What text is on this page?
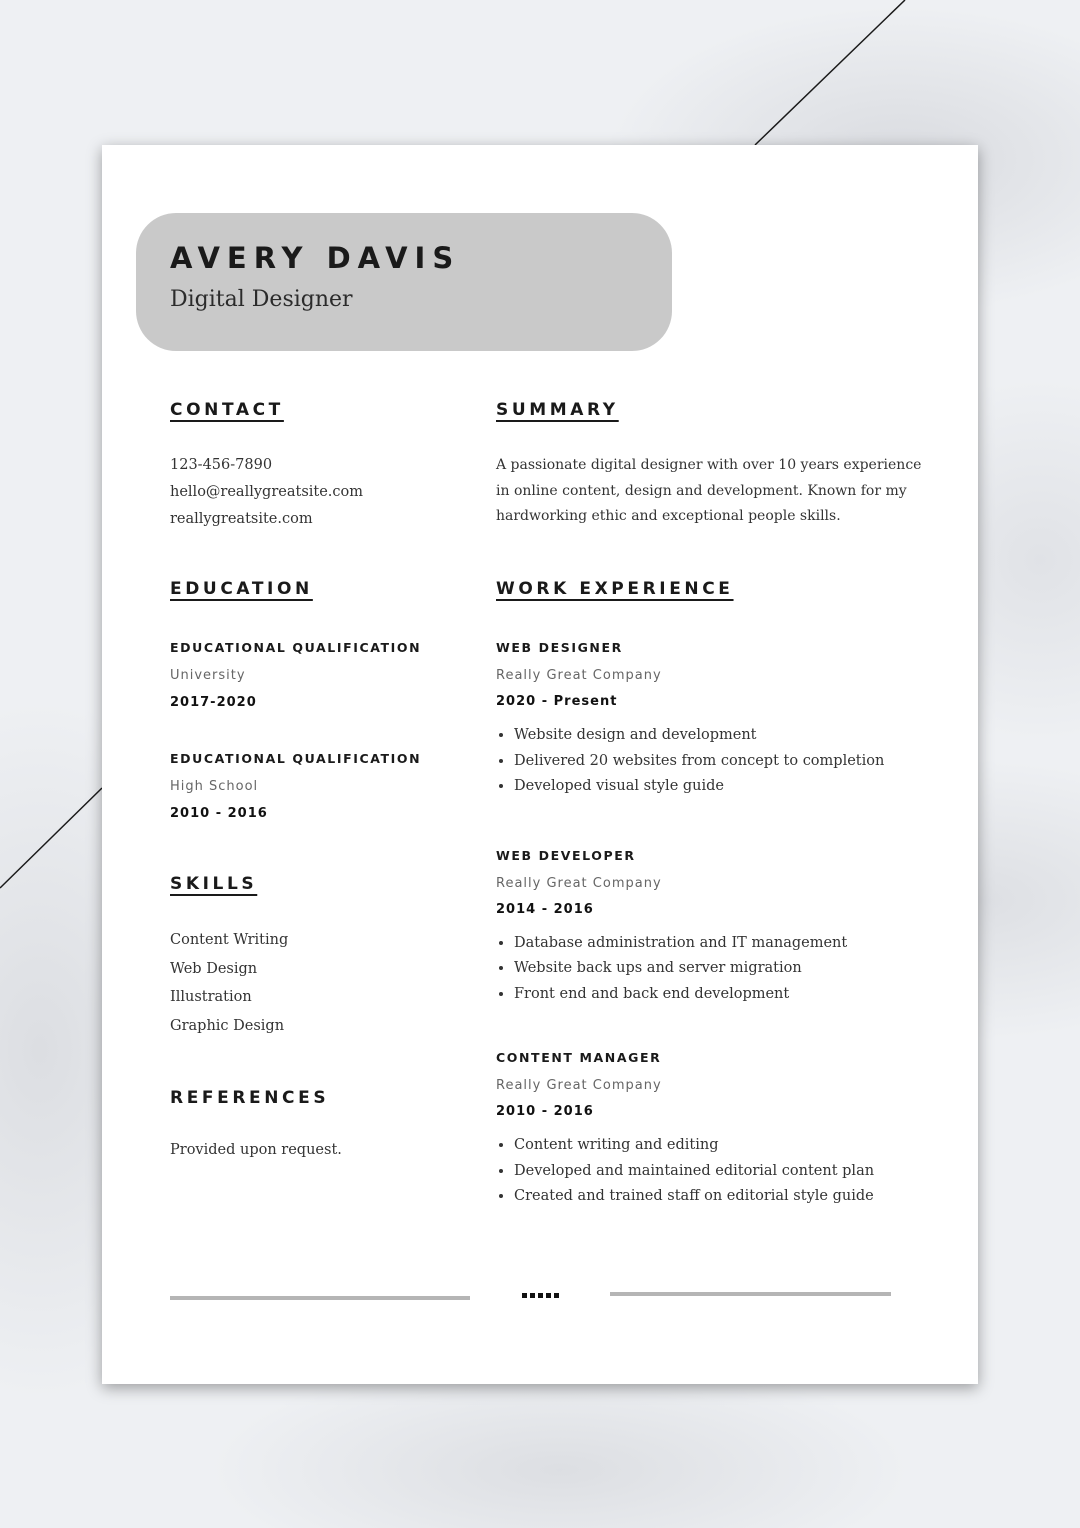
AVERY DAVIS
Digital Designer
CONTACT
123-456-7890
hello@reallygreatsite.com
reallygreatsite.com
SUMMARY
A passionate digital designer with over 10 years experience
in online content, design and development. Known for my
hardworking ethic and exceptional people skills.
EDUCATION
EDUCATIONAL QUALIFICATION
University
2017-2020
EDUCATIONAL QUALIFICATION
High School
2010 - 2016
SKILLS
Content Writing
Web Design
Illustration
Graphic Design
REFERENCES
Provided upon request.
WORK EXPERIENCE
WEB DESIGNER
Really Great Company
2020 - Present
• Website design and development
• Delivered 20 websites from concept to completion
• Developed visual style guide
WEB DEVELOPER
Really Great Company
2014 - 2016
• Database administration and IT management
• Website back ups and server migration
• Front end and back end development
CONTENT MANAGER
Really Great Company
2010 - 2016
• Content writing and editing
• Developed and maintained editorial content plan
• Created and trained staff on editorial style guide
